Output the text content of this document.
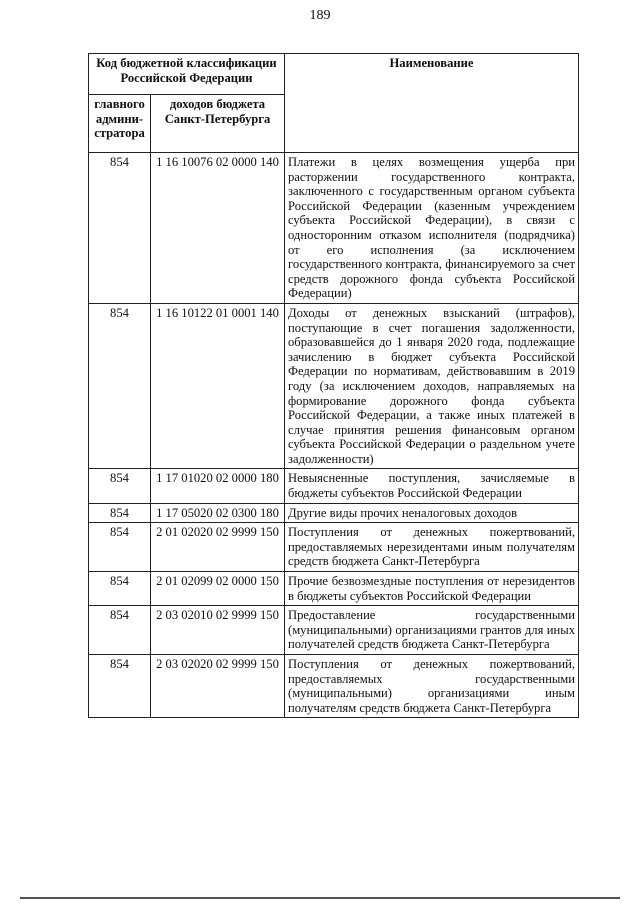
189
Код бюджетной классификации Российской Федерации		Наименование
главного админи-стратора	доходов бюджета Санкт-Петербурга	
854	1 16 10076 02 0000 140	Платежи в целях возмещения ущерба при расторжении государственного контракта, заключенного с государственным органом субъекта Российской Федерации (казенным учреждением субъекта Российской Федерации), в связи с односторонним отказом исполнителя (подрядчика) от его исполнения (за исключением государственного контракта, финансируемого за счет средств дорожного фонда субъекта Российской Федерации)
854	1 16 10122 01 0001 140	Доходы от денежных взысканий (штрафов), поступающие в счет погашения задолженности, образовавшейся до 1 января 2020 года, подлежащие зачислению в бюджет субъекта Российской Федерации по нормативам, действовавшим в 2019 году (за исключением доходов, направляемых на формирование дорожного фонда субъекта Российской Федерации, а также иных платежей в случае принятия решения финансовым органом субъекта Российской Федерации о раздельном учете задолженности)
854	1 17 01020 02 0000 180	Невыясненные поступления, зачисляемые в бюджеты субъектов Российской Федерации
854	1 17 05020 02 0300 180	Другие виды прочих неналоговых доходов
854	2 01 02020 02 9999 150	Поступления от денежных пожертвований, предоставляемых нерезидентами иным получателям средств бюджета Санкт-Петербурга
854	2 01 02099 02 0000 150	Прочие безвозмездные поступления от нерезидентов в бюджеты субъектов Российской Федерации
854	2 03 02010 02 9999 150	Предоставление государственными (муниципальными) организациями грантов для иных получателей средств бюджета Санкт-Петербурга
854	2 03 02020 02 9999 150	Поступления от денежных пожертвований, предоставляемых государственными (муниципальными) организациями иным получателям средств бюджета Санкт-Петербурга
